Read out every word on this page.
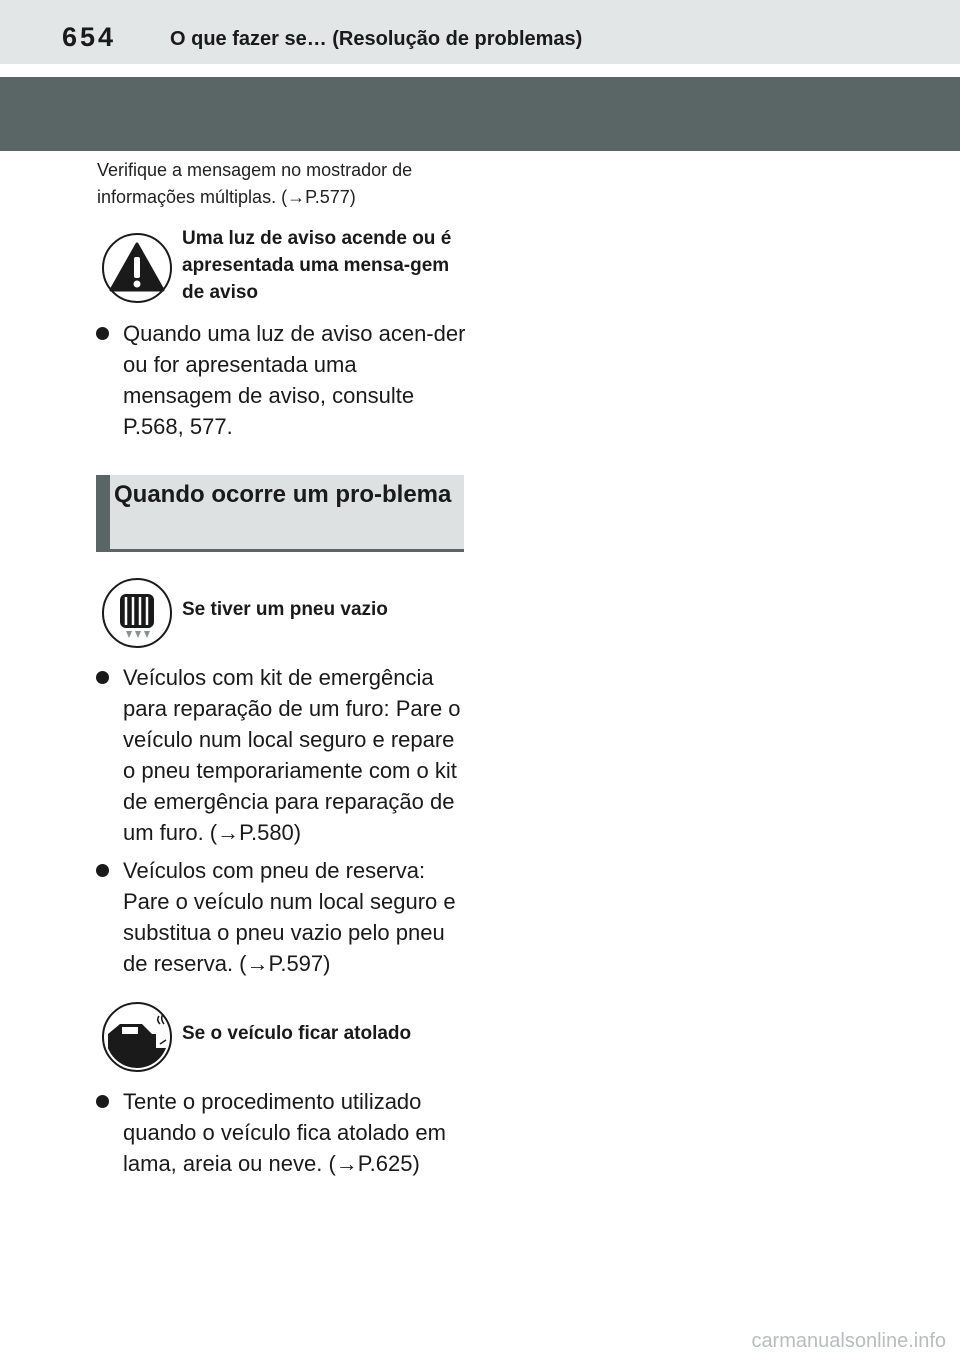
654	O que fazer se… (Resolução de problemas)
Verifique a mensagem no mostrador de informações múltiplas. (→P.577)
Uma luz de aviso acende ou é apresentada uma mensa-gem de aviso
Quando uma luz de aviso acen-der ou for apresentada uma mensagem de aviso, consulte P.568, 577.
Quando ocorre um pro-blema
Se tiver um pneu vazio
Veículos com kit de emergência para reparação de um furo: Pare o veículo num local seguro e repare o pneu temporariamente com o kit de emergência para reparação de um furo. (→P.580)
Veículos com pneu de reserva: Pare o veículo num local seguro e substitua o pneu vazio pelo pneu de reserva. (→P.597)
Se o veículo ficar atolado
Tente o procedimento utilizado quando o veículo fica atolado em lama, areia ou neve. (→P.625)
carmanualsonline.info
